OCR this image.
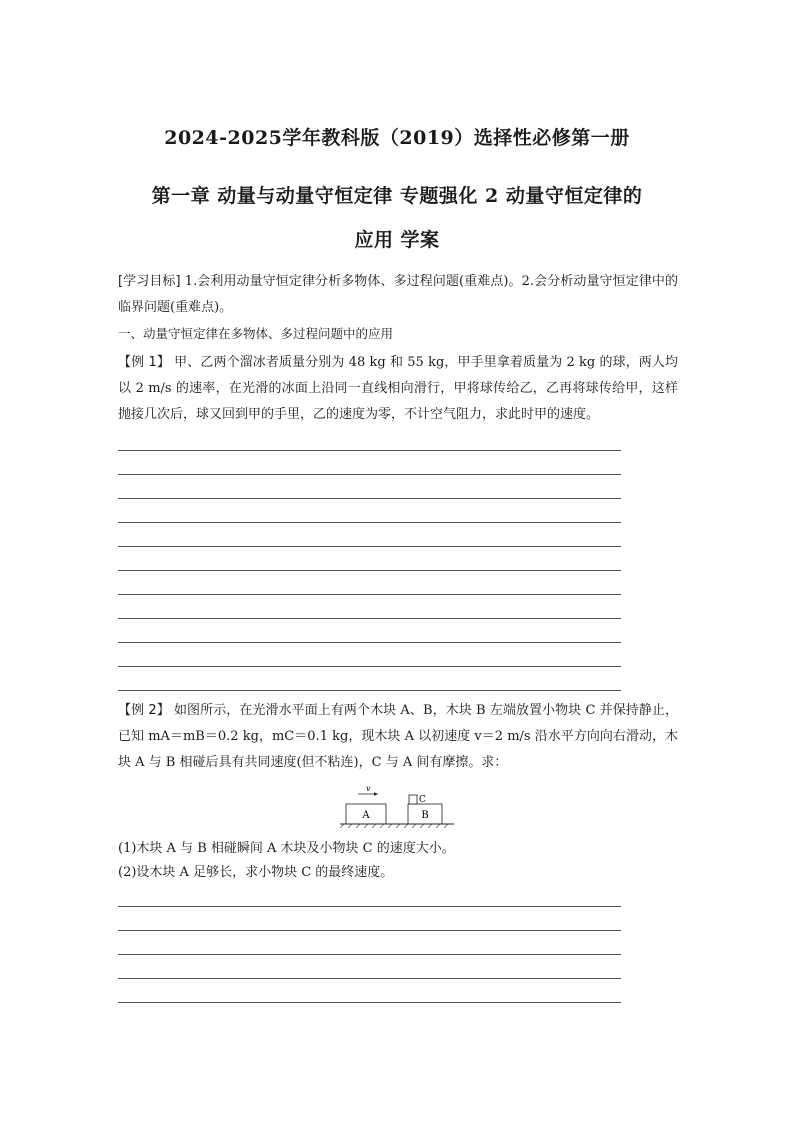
2024-2025学年教科版（2019）选择性必修第一册
第一章 动量与动量守恒定律 专题强化 2 动量守恒定律的
应用 学案
[学习目标] 1.会利用动量守恒定律分析多物体、多过程问题(重难点)。2.会分析动量守恒定律中的临界问题(重难点)。
一、动量守恒定律在多物体、多过程问题中的应用
【例 1】 甲、乙两个溜冰者质量分别为 48 kg 和 55 kg，甲手里拿着质量为 2 kg 的球，两人均以 2 m/s 的速率，在光滑的冰面上沿同一直线相向滑行，甲将球传给乙，乙再将球传给甲，这样抛接几次后，球又回到甲的手里，乙的速度为零，不计空气阻力，求此时甲的速度。
【例 2】 如图所示，在光滑水平面上有两个木块 A、B，木块 B 左端放置小物块 C 并保持静止，已知 mA＝mB＝0.2 kg，mC＝0.1 kg，现木块 A 以初速度 v＝2 m/s 沿水平方向向右滑动，木块 A 与 B 相碰后具有共同速度(但不粘连)，C 与 A 间有摩擦。求：
v
A	B
C
(1)木块 A 与 B 相碰瞬间 A 木块及小物块 C 的速度大小。
(2)设木块 A 足够长，求小物块 C 的最终速度。
